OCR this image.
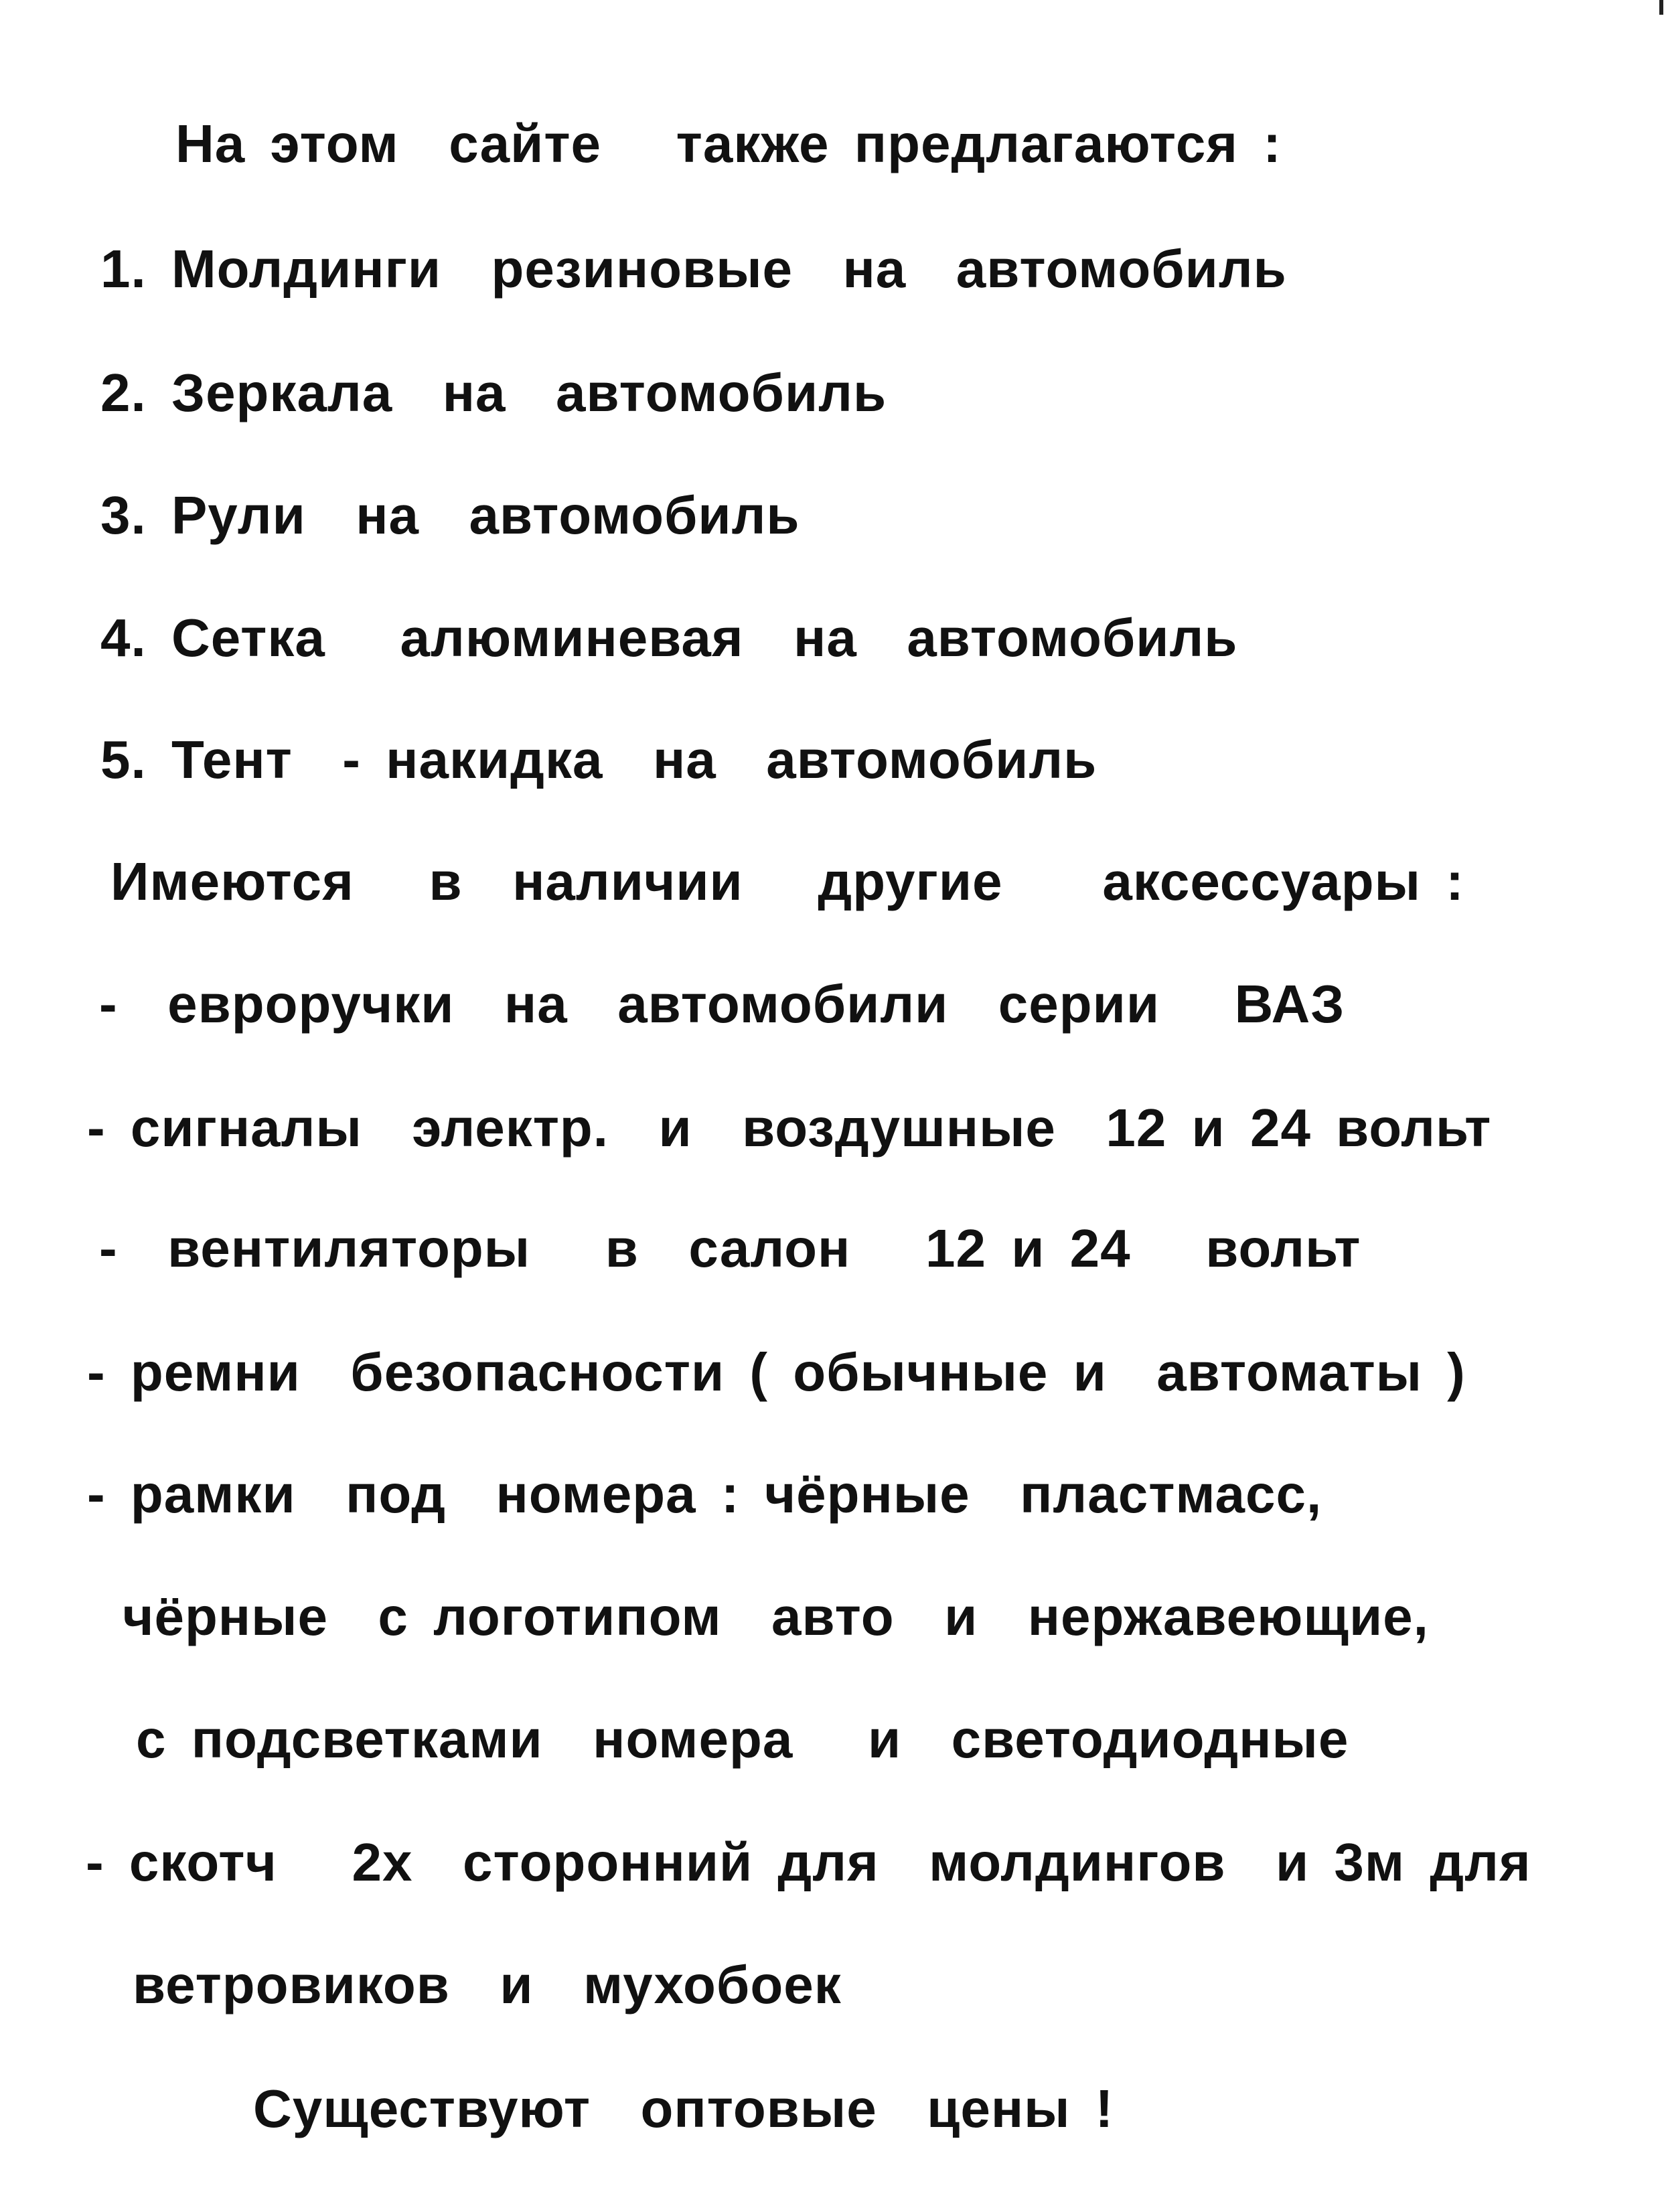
На этом  сайте   также предлагаются :
1. Молдинги  резиновые  на  автомобиль
2. Зеркала  на  автомобиль
3. Рули  на  автомобиль
4. Сетка   алюминевая  на  автомобиль
5. Тент  - накидка  на  автомобиль
Имеются   в  наличии   другие    аксессуары :
-  евроручки  на  автомобили  серии   ВАЗ
- сигналы  электр.  и  воздушные  12 и 24 вольт
-  вентиляторы   в  салон   12 и 24   вольт
- ремни  безопасности ( обычные и  автоматы )
- рамки  под  номера : чёрные  пластмасс,
чёрные  с логотипом  авто  и  нержавеющие,
с подсветками  номера   и  светодиодные
- скотч   2х  сторонний для  молдингов  и 3м для
ветровиков  и  мухобоек
Существуют  оптовые  цены !
